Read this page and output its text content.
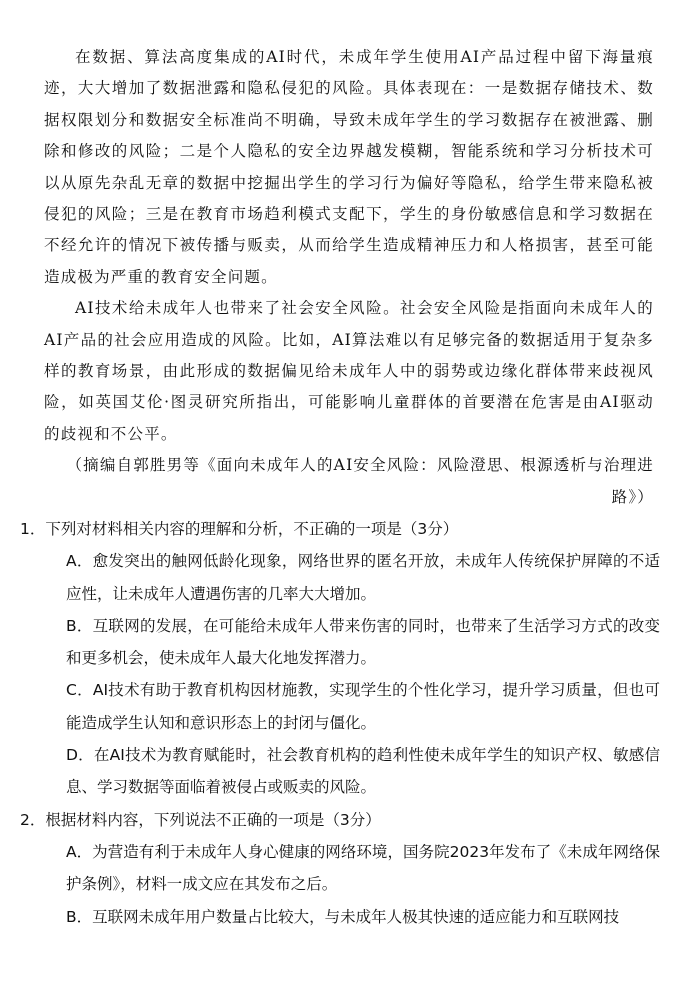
在数据、算法高度集成的AI时代，未成年学生使用AI产品过程中留下海量痕迹，大大增加了数据泄露和隐私侵犯的风险。具体表现在：一是数据存储技术、数据权限划分和数据安全标准尚不明确，导致未成年学生的学习数据存在被泄露、删除和修改的风险；二是个人隐私的安全边界越发模糊，智能系统和学习分析技术可以从原先杂乱无章的数据中挖掘出学生的学习行为偏好等隐私，给学生带来隐私被侵犯的风险；三是在教育市场趋利模式支配下，学生的身份敏感信息和学习数据在不经允许的情况下被传播与贩卖，从而给学生造成精神压力和人格损害，甚至可能造成极为严重的教育安全问题。

AI技术给未成年人也带来了社会安全风险。社会安全风险是指面向未成年人的AI产品的社会应用造成的风险。比如，AI算法难以有足够完备的数据适用于复杂多样的教育场景，由此形成的数据偏见给未成年人中的弱势或边缘化群体带来歧视风险，如英国艾伦·图灵研究所指出，可能影响儿童群体的首要潜在危害是由AI驱动的歧视和不公平。

（摘编自郭胜男等《面向未成年人的AI安全风险：风险澄思、根源透析与治理进路》）

1．下列对材料相关内容的理解和分析，不正确的一项是（3分）

A．愈发突出的触网低龄化现象，网络世界的匿名开放，未成年人传统保护屏障的不适应性，让未成年人遭遇伤害的几率大大增加。

B．互联网的发展，在可能给未成年人带来伤害的同时，也带来了生活学习方式的改变和更多机会，使未成年人最大化地发挥潜力。

C．AI技术有助于教育机构因材施教，实现学生的个性化学习，提升学习质量，但也可能造成学生认知和意识形态上的封闭与僵化。

D．在AI技术为教育赋能时，社会教育机构的趋利性使未成年学生的知识产权、敏感信息、学习数据等面临着被侵占或贩卖的风险。

2．根据材料内容，下列说法不正确的一项是（3分）

A．为营造有利于未成年人身心健康的网络环境，国务院2023年发布了《未成年网络保护条例》，材料一成文应在其发布之后。

B．互联网未成年用户数量占比较大，与未成年人极其快速的适应能力和互联网技
